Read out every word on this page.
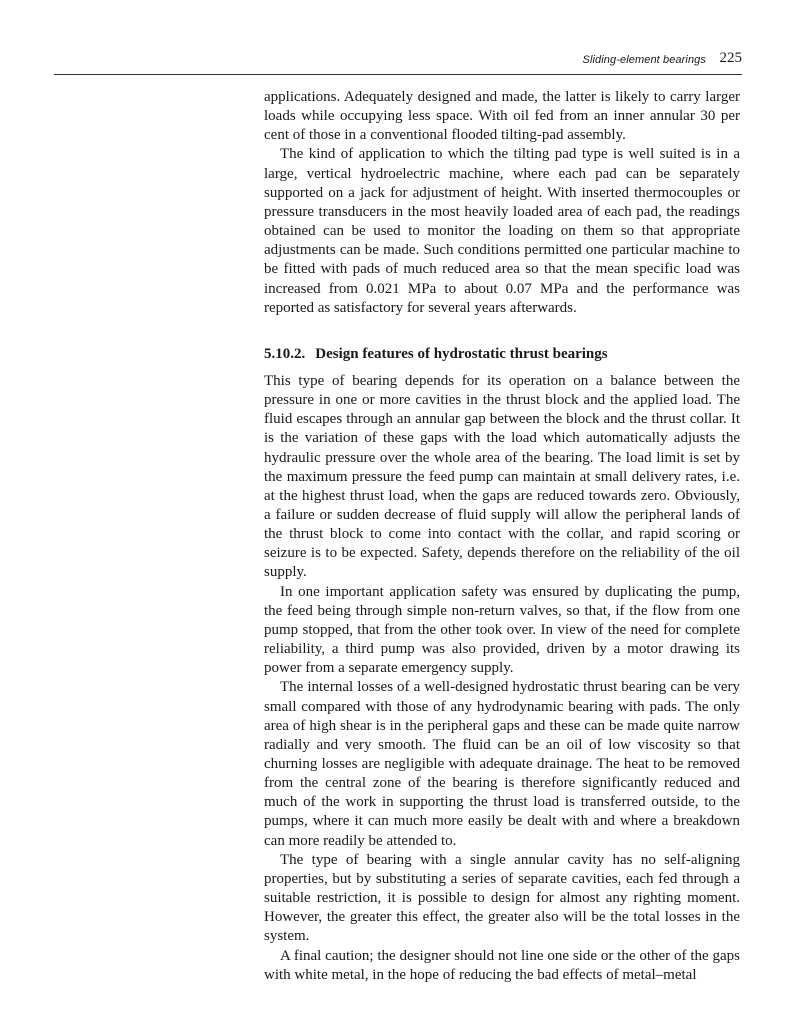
Sliding-element bearings 225

applications. Adequately designed and made, the latter is likely to carry larger loads while occupying less space. With oil fed from an inner annular 30 per cent of those in a conventional flooded tilting-pad assembly.

The kind of application to which the tilting pad type is well suited is in a large, vertical hydroelectric machine, where each pad can be separately supported on a jack for adjustment of height. With inserted thermocouples or pressure transducers in the most heavily loaded area of each pad, the readings obtained can be used to monitor the loading on them so that appropriate adjustments can be made. Such conditions permitted one particular machine to be fitted with pads of much reduced area so that the mean specific load was increased from 0.021 MPa to about 0.07 MPa and the performance was reported as satisfactory for several years afterwards.

5.10.2. Design features of hydrostatic thrust bearings

This type of bearing depends for its operation on a balance between the pressure in one or more cavities in the thrust block and the applied load. The fluid escapes through an annular gap between the block and the thrust collar. It is the variation of these gaps with the load which automatically adjusts the hydraulic pressure over the whole area of the bearing. The load limit is set by the maximum pressure the feed pump can maintain at small delivery rates, i.e. at the highest thrust load, when the gaps are reduced towards zero. Obviously, a failure or sudden decrease of fluid supply will allow the peripheral lands of the thrust block to come into contact with the collar, and rapid scoring or seizure is to be expected. Safety, depends therefore on the reliability of the oil supply.

In one important application safety was ensured by duplicating the pump, the feed being through simple non-return valves, so that, if the flow from one pump stopped, that from the other took over. In view of the need for complete reliability, a third pump was also provided, driven by a motor drawing its power from a separate emergency supply.

The internal losses of a well-designed hydrostatic thrust bearing can be very small compared with those of any hydrodynamic bearing with pads. The only area of high shear is in the peripheral gaps and these can be made quite narrow radially and very smooth. The fluid can be an oil of low viscosity so that churning losses are negligible with adequate drainage. The heat to be removed from the central zone of the bearing is therefore significantly reduced and much of the work in supporting the thrust load is transferred outside, to the pumps, where it can much more easily be dealt with and where a breakdown can more readily be attended to.

The type of bearing with a single annular cavity has no self-aligning properties, but by substituting a series of separate cavities, each fed through a suitable restriction, it is possible to design for almost any righting moment. However, the greater this effect, the greater also will be the total losses in the system.

A final caution; the designer should not line one side or the other of the gaps with white metal, in the hope of reducing the bad effects of metal–metal
